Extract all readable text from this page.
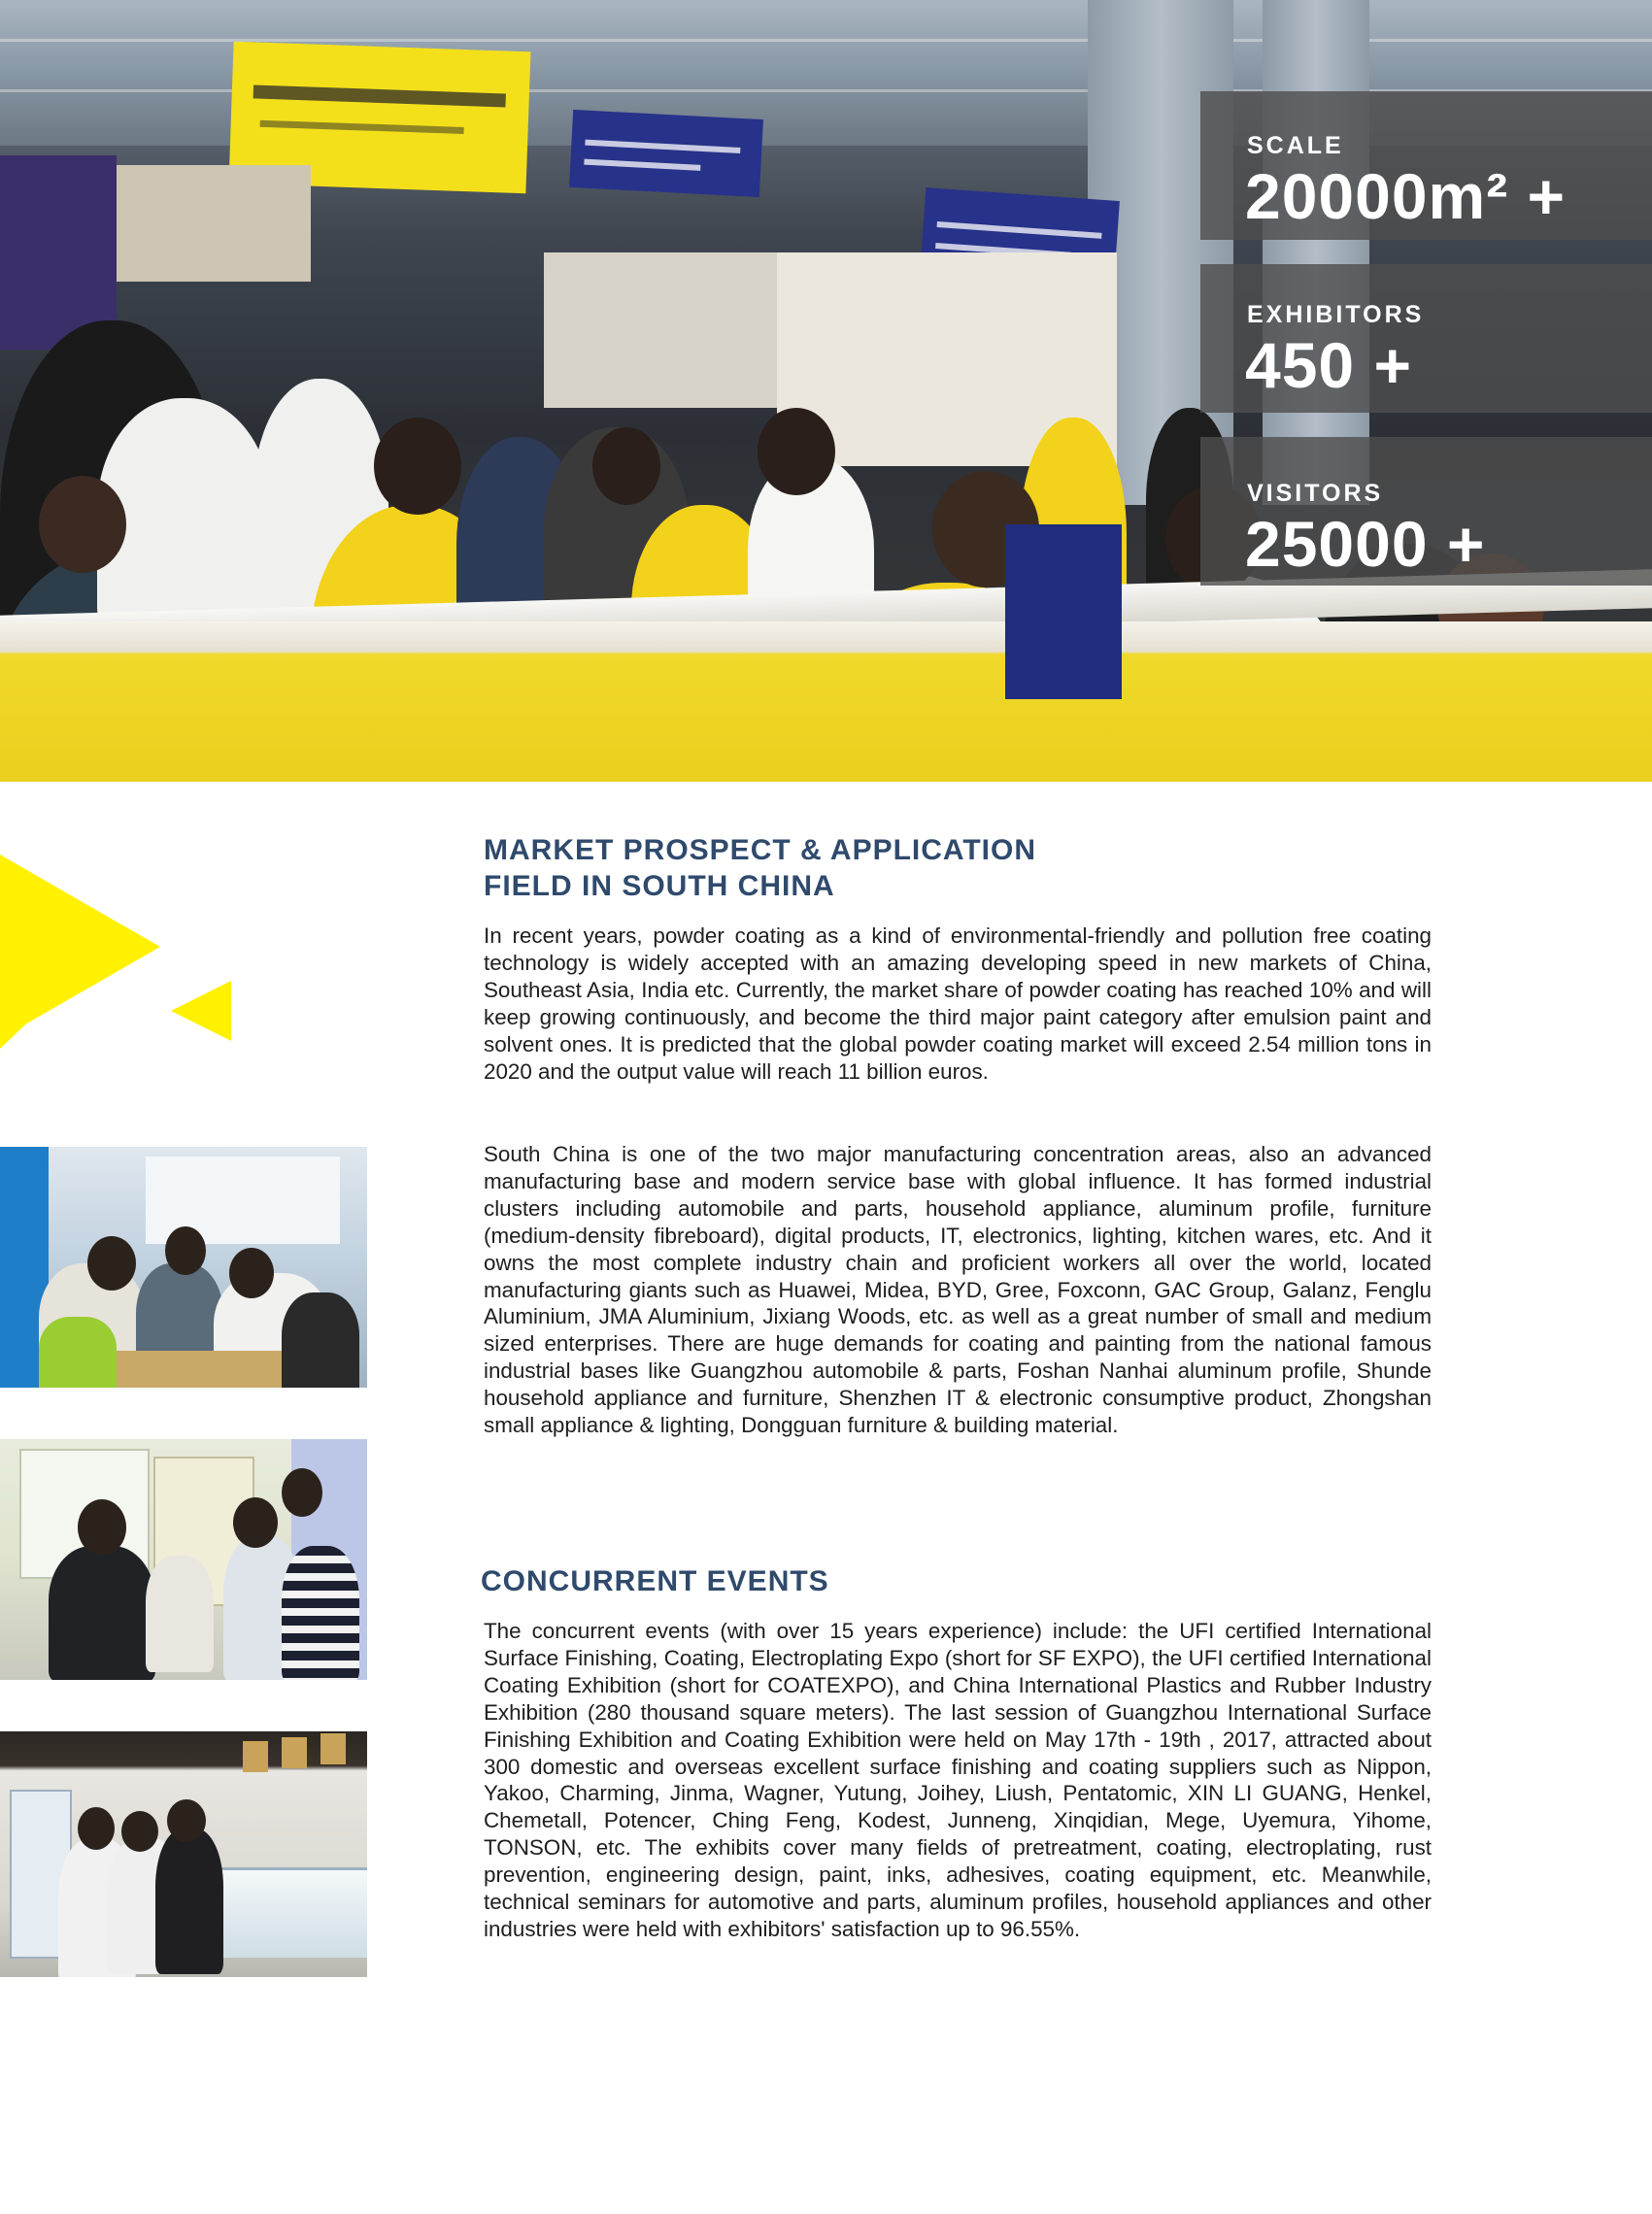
SCALE
20000m² +
EXHIBITORS
450 +
VISITORS
25000 +
MARKET PROSPECT & APPLICATION
FIELD IN SOUTH CHINA

In recent years, powder coating as a kind of environmental-friendly and pollution free coating technology is widely accepted with an amazing developing speed in new markets of China, Southeast Asia, India etc. Currently, the market share of powder coating has reached 10% and will keep growing continuously, and become the third major paint category after emulsion paint and solvent ones. It is predicted that the global powder coating market will exceed 2.54 million tons in 2020 and the output value will reach 11 billion euros.

South China is one of the two major manufacturing concentration areas, also an advanced manufacturing base and modern service base with global influence. It has formed industrial clusters including automobile and parts, household appliance, aluminum profile, furniture (medium-density fibreboard), digital products, IT, electronics, lighting, kitchen wares, etc. And it owns the most complete industry chain and proficient workers all over the world, located manufacturing giants such as Huawei, Midea, BYD, Gree, Foxconn, GAC Group, Galanz, Fenglu Aluminium, JMA Aluminium, Jixiang Woods, etc. as well as a great number of small and medium sized enterprises. There are huge demands for coating and painting from the national famous industrial bases like Guangzhou automobile & parts, Foshan Nanhai aluminum profile, Shunde household appliance and furniture, Shenzhen IT & electronic consumptive product, Zhongshan small appliance & lighting, Dongguan furniture & building material.

CONCURRENT EVENTS

The concurrent events (with over 15 years experience) include: the UFI certified International Surface Finishing, Coating, Electroplating Expo (short for SF EXPO), the UFI certified International Coating Exhibition (short for COATEXPO), and China International Plastics and Rubber Industry Exhibition (280 thousand square meters). The last session of Guangzhou International Surface Finishing Exhibition and Coating Exhibition were held on May 17th - 19th , 2017, attracted about 300 domestic and overseas excellent surface finishing and coating suppliers such as Nippon, Yakoo, Charming, Jinma, Wagner, Yutung, Joihey, Liush, Pentatomic, XIN LI GUANG, Henkel, Chemetall, Potencer, Ching Feng, Kodest, Junneng, Xinqidian, Mege, Uyemura, Yihome, TONSON, etc. The exhibits cover many fields of pretreatment, coating, electroplating, rust prevention, engineering design, paint, inks, adhesives, coating equipment, etc. Meanwhile, technical seminars for automotive and parts, aluminum profiles, household appliances and other industries were held with exhibitors' satisfaction up to 96.55%.
